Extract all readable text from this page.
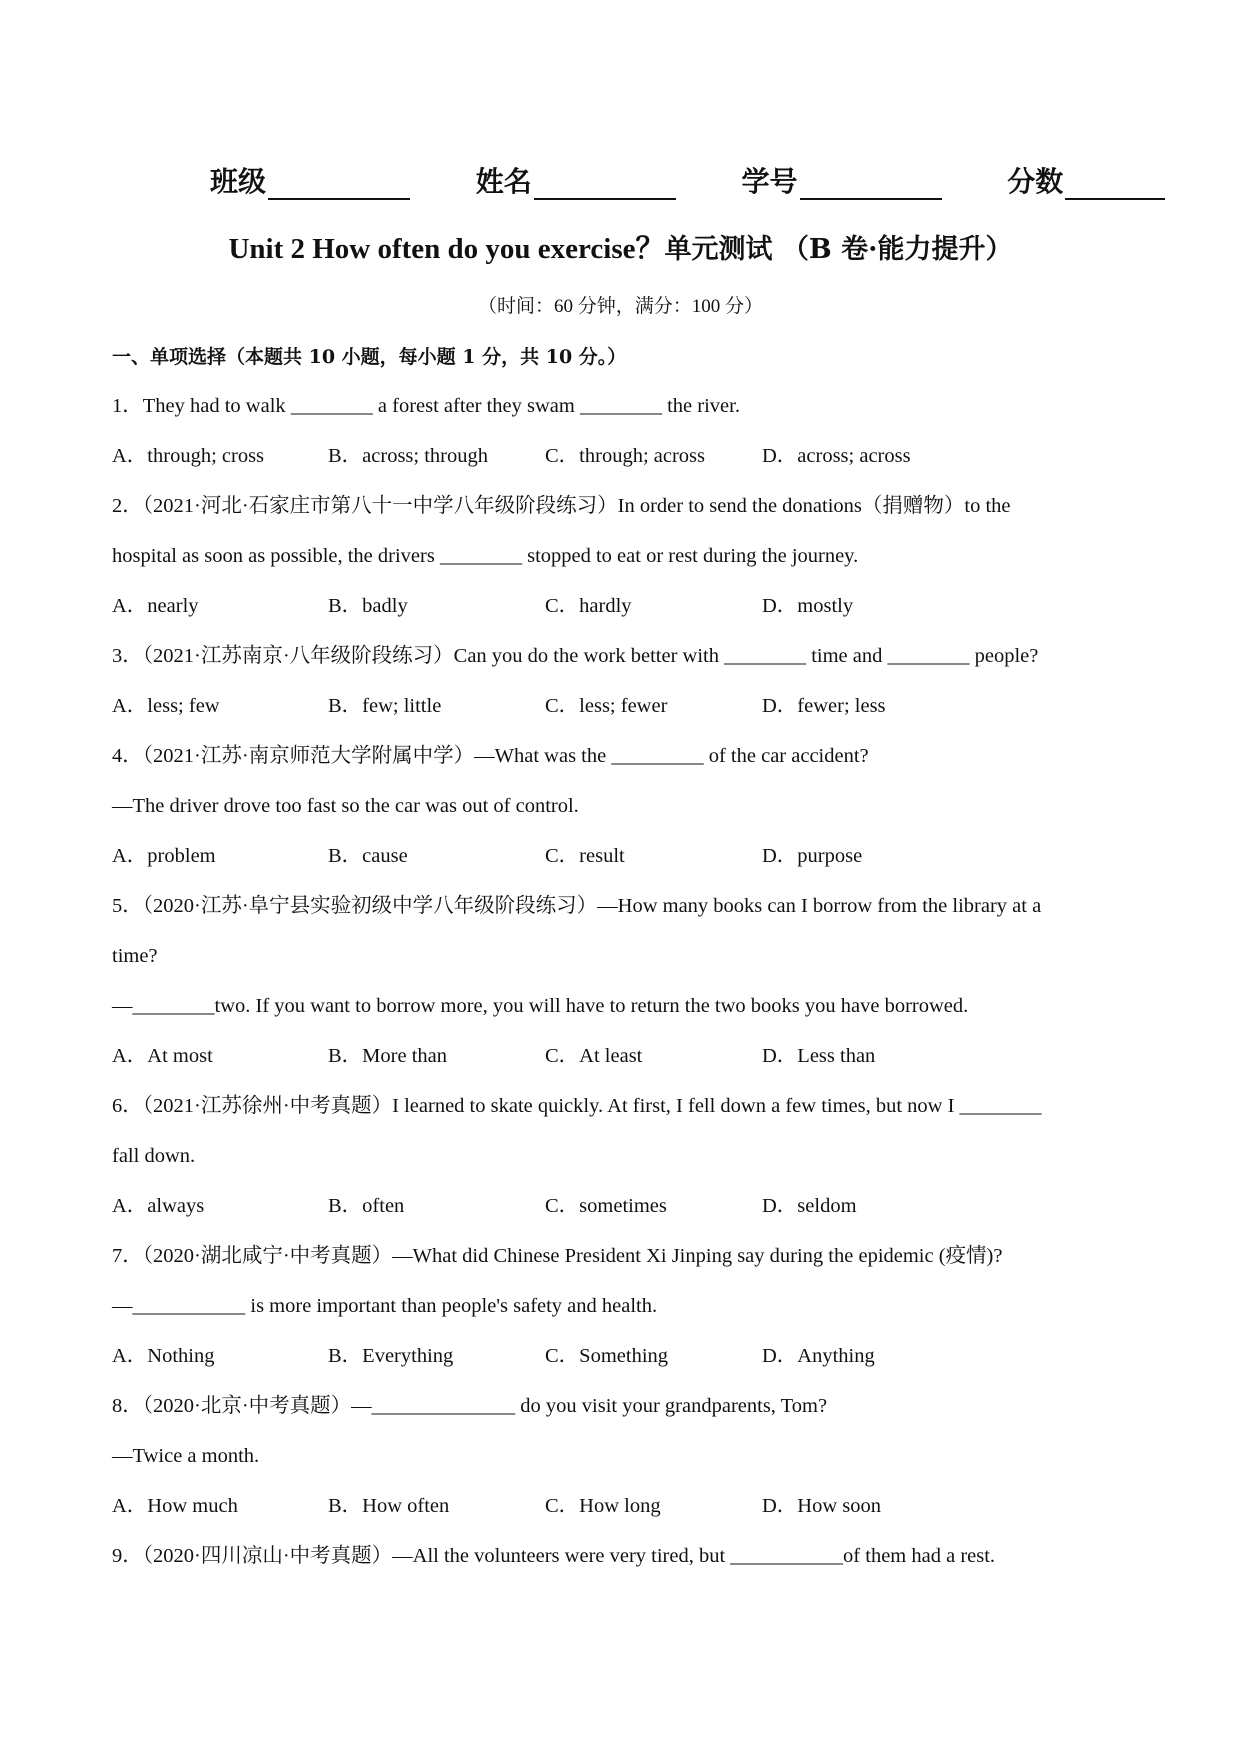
班级	姓名	学号	分数
Unit 2 How often do you exercise？单元测试 （B 卷·能力提升）
（时间：60 分钟，满分：100 分）
一、单项选择（本题共 10 小题，每小题 1 分，共 10 分。）
1．They had to walk ________ a forest after they swam ________ the river.
2．（2021·河北·石家庄市第八十一中学八年级阶段练习）In order to send the donations（捐赠物）to the
hospital as soon as possible, the drivers ________ stopped to eat or rest during the journey.
3．（2021·江苏南京·八年级阶段练习）Can you do the work better with ________ time and ________ people?
4．（2021·江苏·南京师范大学附属中学）—What was the _________ of the car accident?
—The driver drove too fast so the car was out of control.
5．（2020·江苏·阜宁县实验初级中学八年级阶段练习）—How many books can I borrow from the library at a
time?
—________two. If you want to borrow more, you will have to return the two books you have borrowed.
6．（2021·江苏徐州·中考真题）I learned to skate quickly. At first, I fell down a few times, but now I ________
fall down.
7．（2020·湖北咸宁·中考真题）—What did Chinese President Xi Jinping say during the epidemic (疫情)?
—___________ is more important than people's safety and health.
8．（2020·北京·中考真题）—______________ do you visit your grandparents, Tom?
—Twice a month.
9．（2020·四川凉山·中考真题）—All the volunteers were very tired, but ___________of them had a rest.
A．through; cross	B．across; through	C．through; across	D．across; across
A．nearly	B．badly	C．hardly	D．mostly
A．less; few	B．few; little	C．less; fewer	D．fewer; less
A．problem	B．cause	C．result	D．purpose
A．At most	B．More than	C．At least	D．Less than
A．always	B．often	C．sometimes	D．seldom
A．Nothing	B．Everything	C．Something	D．Anything
A．How much	B．How often	C．How long	D．How soon
